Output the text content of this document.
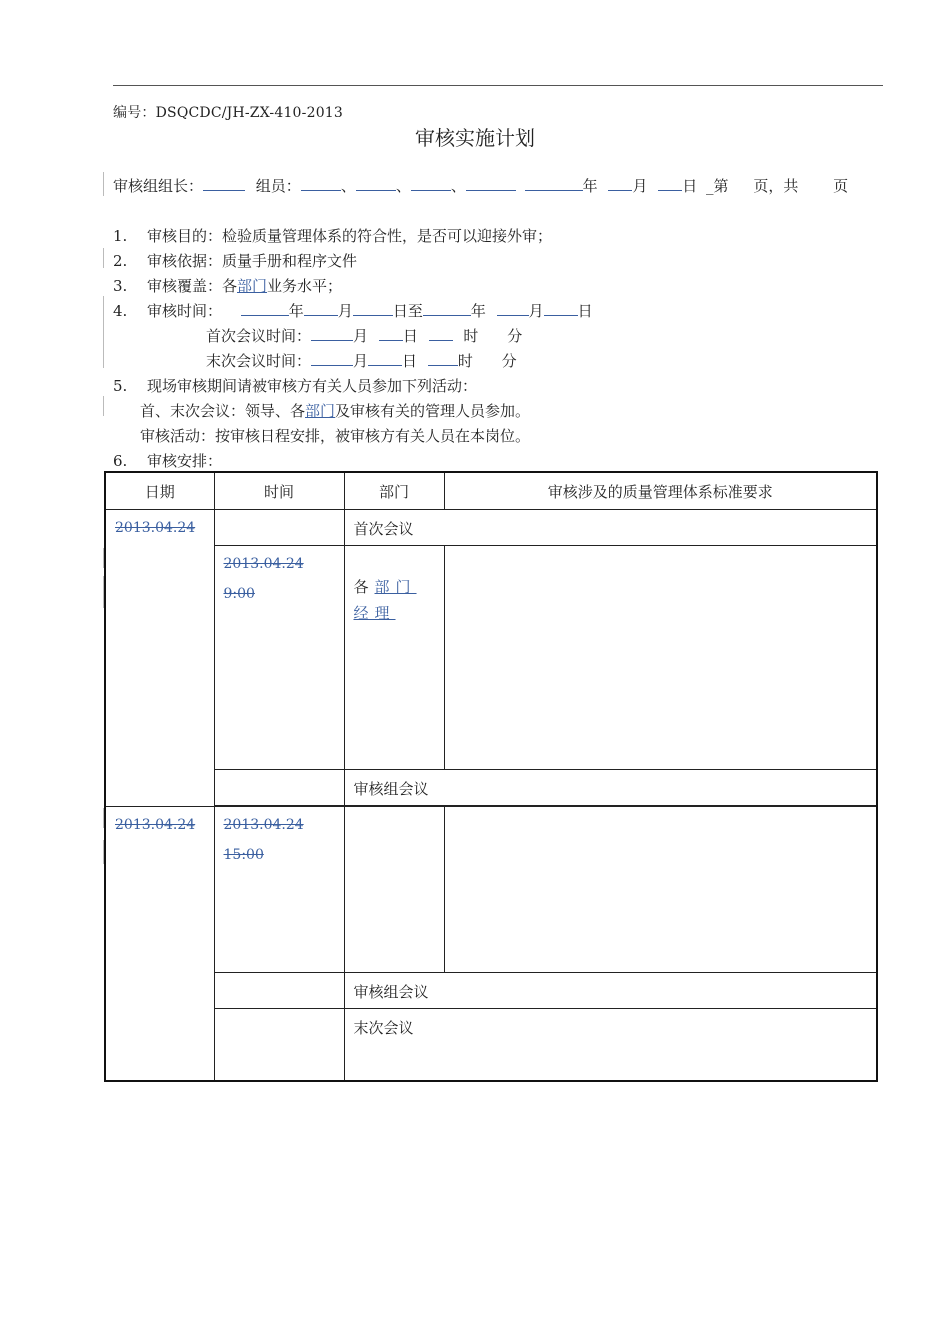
编号：DSQCDC/JH-ZX-410-2013
审核实施计划
审核组组长：	组员：	、	、	、	年 月 日 _第 页，共 页
1. 审核目的：检验质量管理体系的符合性，是否可以迎接外审；
2. 审核依据：质量手册和程序文件
3. 审核覆盖：各部门业务水平；
4. 审核时间：	年 月	日至	年	月 日
首次会议时间：	月 日	时 分
末次会议时间：	月 日	时 分
5. 现场审核期间请被审核方有关人员参加下列活动：
首、末次会议：领导、各部门及审核有关的管理人员参加。
审核活动：按审核日程安排，被审核方有关人员在本岗位。
6. 审核安排：
日期	时间	部门	审核涉及的质量管理体系标准要求

2013.04.24		首次会议	

	2013.04.24
9:00	各部门经理	

		审核组会议	

2013.04.24	2013.04.24
15:00		

		审核组会议	

		末次会议	
